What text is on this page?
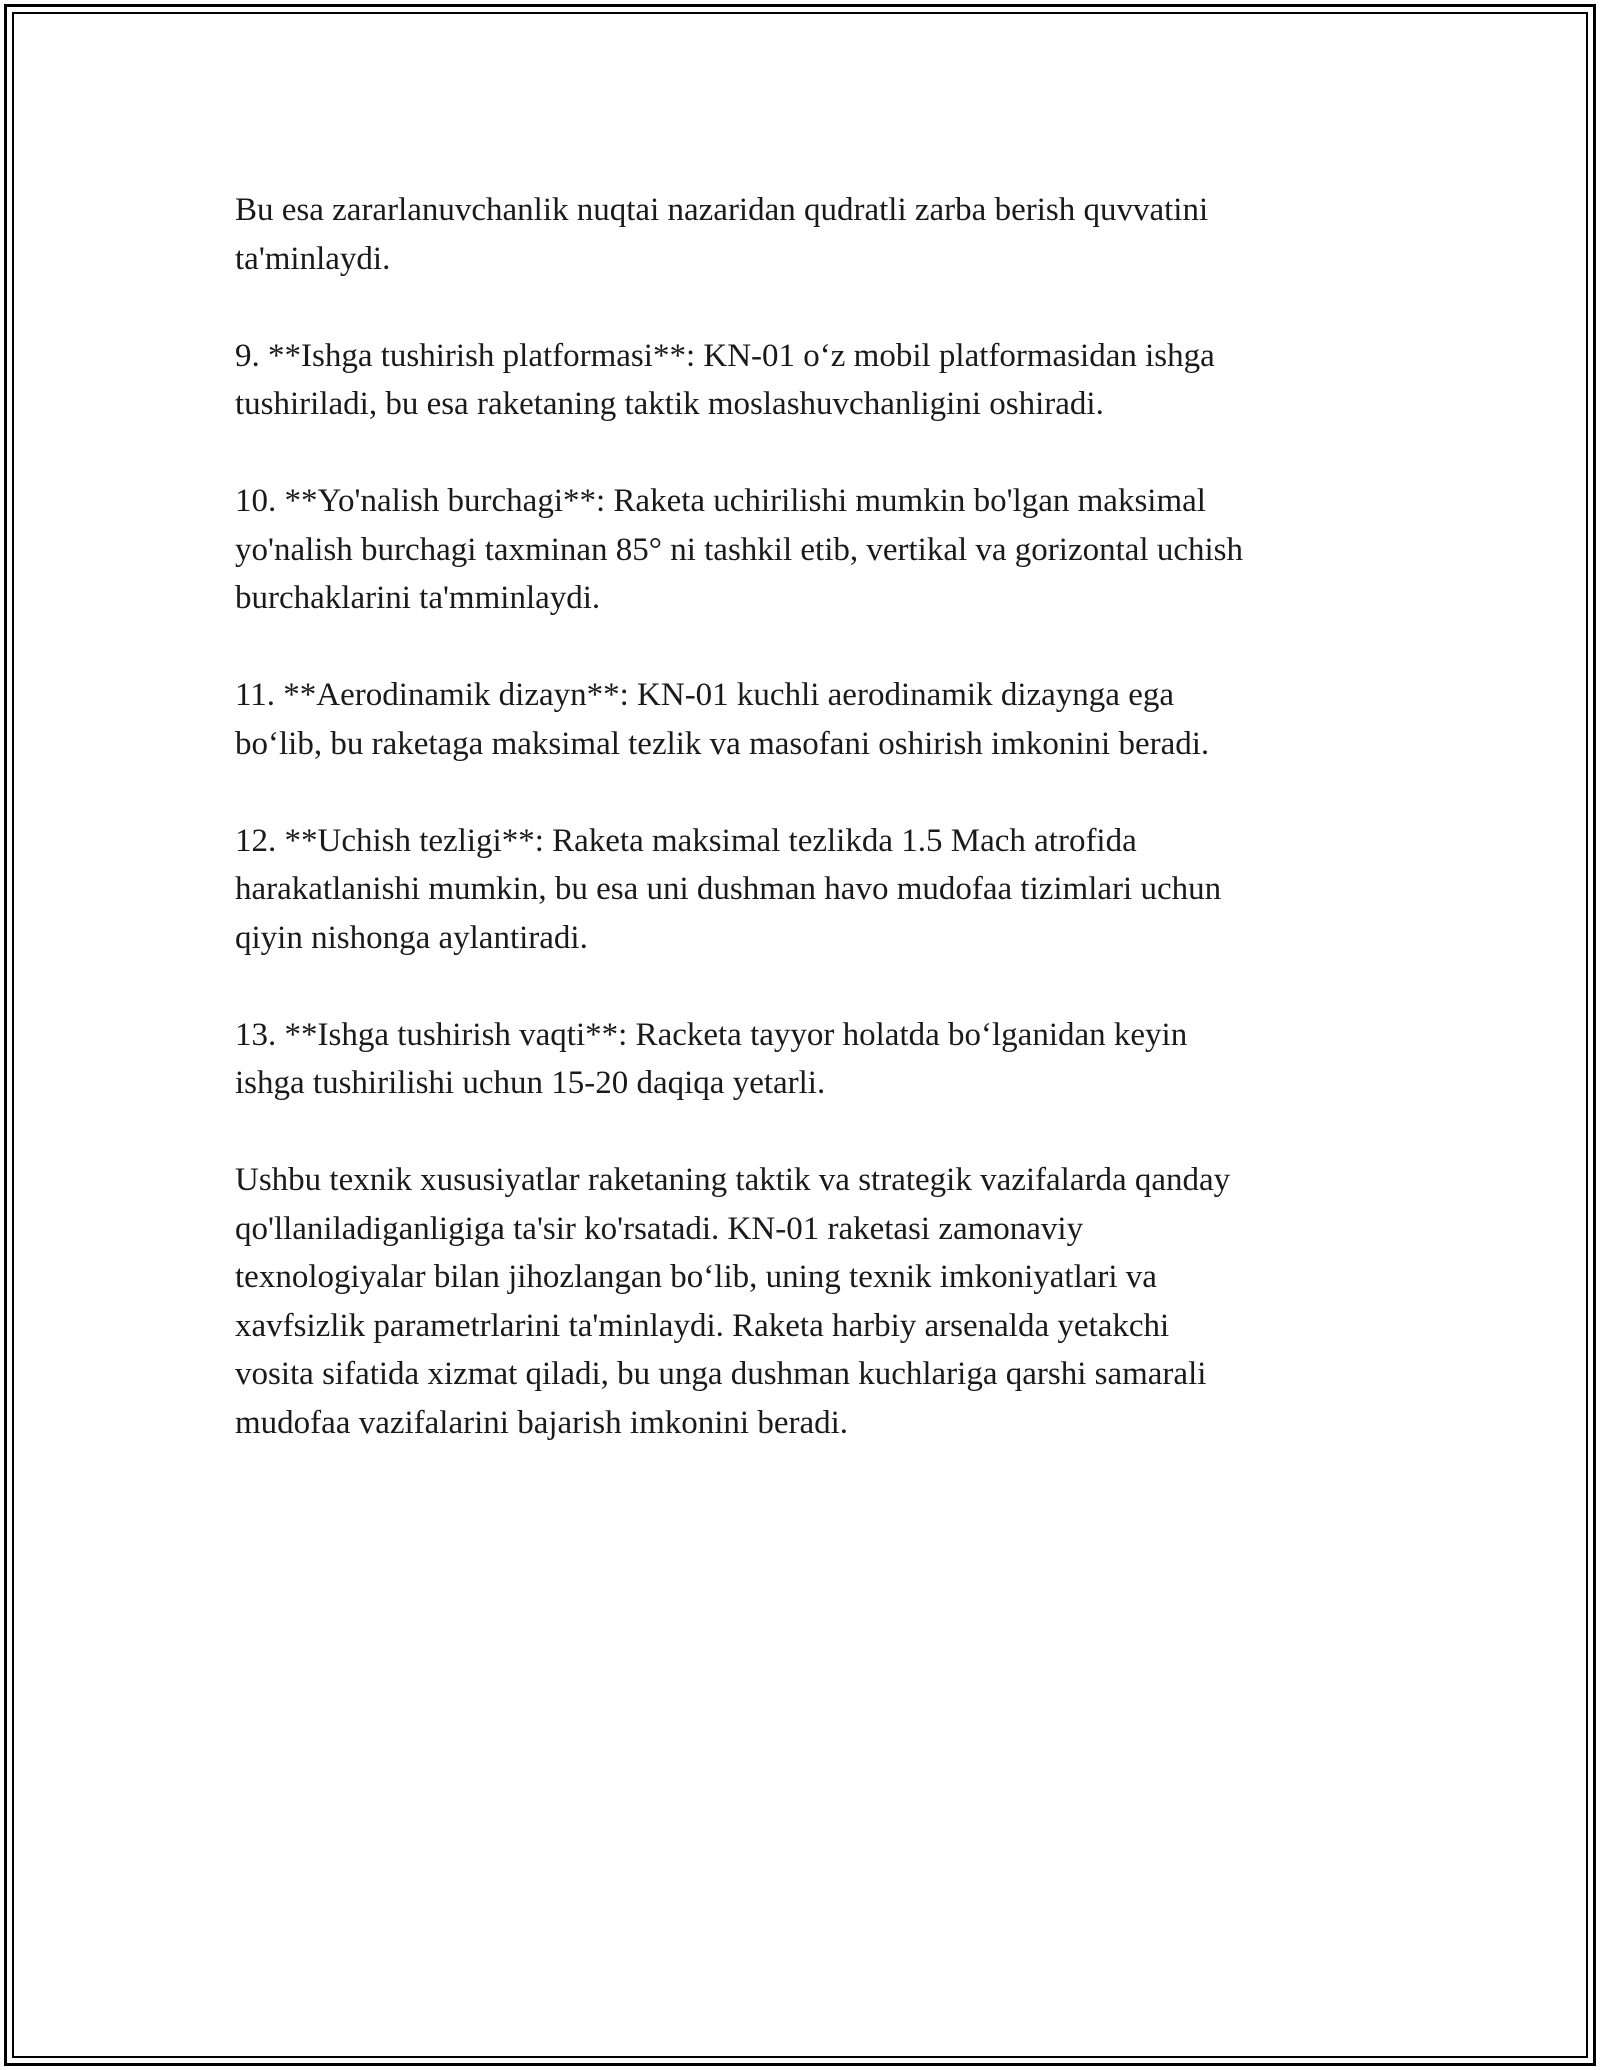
Bu esa zararlanuvchanlik nuqtai nazaridan qudratli zarba berish quvvatini
ta'minlaydi.

9. **Ishga tushirish platformasi**: KN-01 o‘z mobil platformasidan ishga
tushiriladi, bu esa raketaning taktik moslashuvchanligini oshiradi.

10. **Yo'nalish burchagi**: Raketa uchirilishi mumkin bo'lgan maksimal
yo'nalish burchagi taxminan 85° ni tashkil etib, vertikal va gorizontal uchish
burchaklarini ta'mminlaydi.

11. **Aerodinamik dizayn**: KN-01 kuchli aerodinamik dizaynga ega
bo‘lib, bu raketaga maksimal tezlik va masofani oshirish imkonini beradi.

12. **Uchish tezligi**: Raketa maksimal tezlikda 1.5 Mach atrofida
harakatlanishi mumkin, bu esa uni dushman havo mudofaa tizimlari uchun
qiyin nishonga aylantiradi.

13. **Ishga tushirish vaqti**: Racketa tayyor holatda bo‘lganidan keyin
ishga tushirilishi uchun 15-20 daqiqa yetarli.

Ushbu texnik xususiyatlar raketaning taktik va strategik vazifalarda qanday
qo'llaniladiganligiga ta'sir ko'rsatadi. KN-01 raketasi zamonaviy
texnologiyalar bilan jihozlangan bo‘lib, uning texnik imkoniyatlari va
xavfsizlik parametrlarini ta'minlaydi. Raketa harbiy arsenalda yetakchi
vosita sifatida xizmat qiladi, bu unga dushman kuchlariga qarshi samarali
mudofaa vazifalarini bajarish imkonini beradi.
